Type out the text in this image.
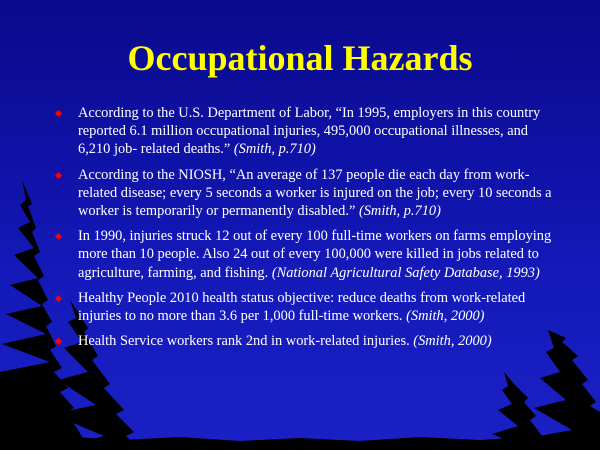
Occupational Hazards
According to the U.S. Department of Labor, “In 1995, employers in this country reported 6.1 million occupational injuries, 495,000 occupational illnesses, and 6,210 job- related deaths.” (Smith, p.710)
According to the NIOSH, “An average of 137 people die each day from work-related disease; every 5 seconds a worker is injured on the job; every 10 seconds a worker is temporarily or permanently disabled.” (Smith, p.710)
In 1990, injuries struck 12 out of every 100 full-time workers on farms employing more than 10 people. Also 24 out of every 100,000 were killed in jobs related to agriculture, farming, and fishing. (National Agricultural Safety Database, 1993)
Healthy People 2010 health status objective: reduce deaths from work-related injuries to no more than 3.6 per 1,000 full-time workers. (Smith, 2000)
Health Service workers rank 2nd in work-related injuries. (Smith, 2000)
